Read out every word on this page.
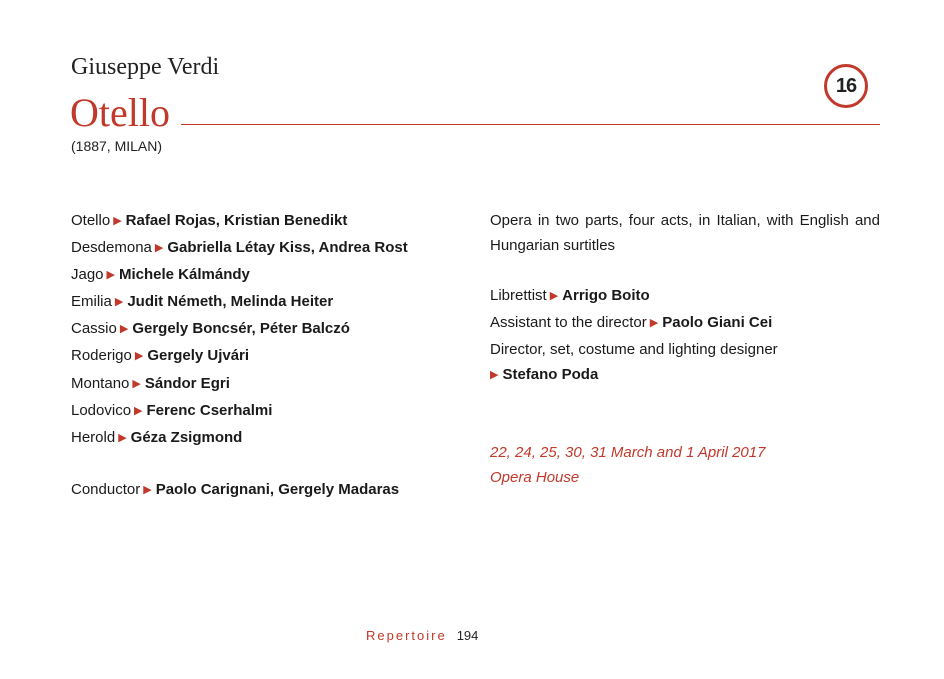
Giuseppe Verdi
Otello
16
(1887, MILAN)
Otello ▶ Rafael Rojas, Kristian Benedikt
Desdemona ▶ Gabriella Létay Kiss, Andrea Rost
Jago ▶ Michele Kálmándy
Emilia ▶ Judit Németh, Melinda Heiter
Cassio ▶ Gergely Boncsér, Péter Balczó
Roderigo ▶ Gergely Ujvári
Montano ▶ Sándor Egri
Lodovico ▶ Ferenc Cserhalmi
Herold ▶ Géza Zsigmond
Conductor ▶ Paolo Carignani, Gergely Madaras
Opera in two parts, four acts, in Italian, with English and Hungarian surtitles
Librettist ▶ Arrigo Boito
Assistant to the director ▶ Paolo Giani Cei
Director, set, costume and lighting designer
▶ Stefano Poda
22, 24, 25, 30, 31 March and 1 April 2017
Opera House
Repertoire 194
